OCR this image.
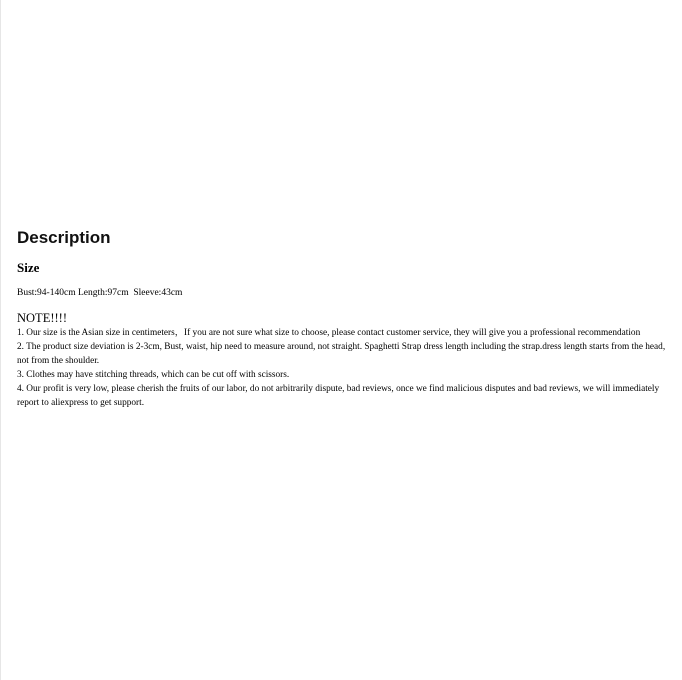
Description
Size
Bust:94-140cm Length:97cm  Sleeve:43cm
NOTE!!!!
1. Our size is the Asian size in centimeters，If you are not sure what size to choose, please contact customer service, they will give you a professional recommendation
2. The product size deviation is 2-3cm, Bust, waist, hip need to measure around, not straight. Spaghetti Strap dress length including the strap.dress length starts from the head, not from the shoulder.
3. Clothes may have stitching threads, which can be cut off with scissors.
4. Our profit is very low, please cherish the fruits of our labor, do not arbitrarily dispute, bad reviews, once we find malicious disputes and bad reviews, we will immediately report to aliexpress to get support.
